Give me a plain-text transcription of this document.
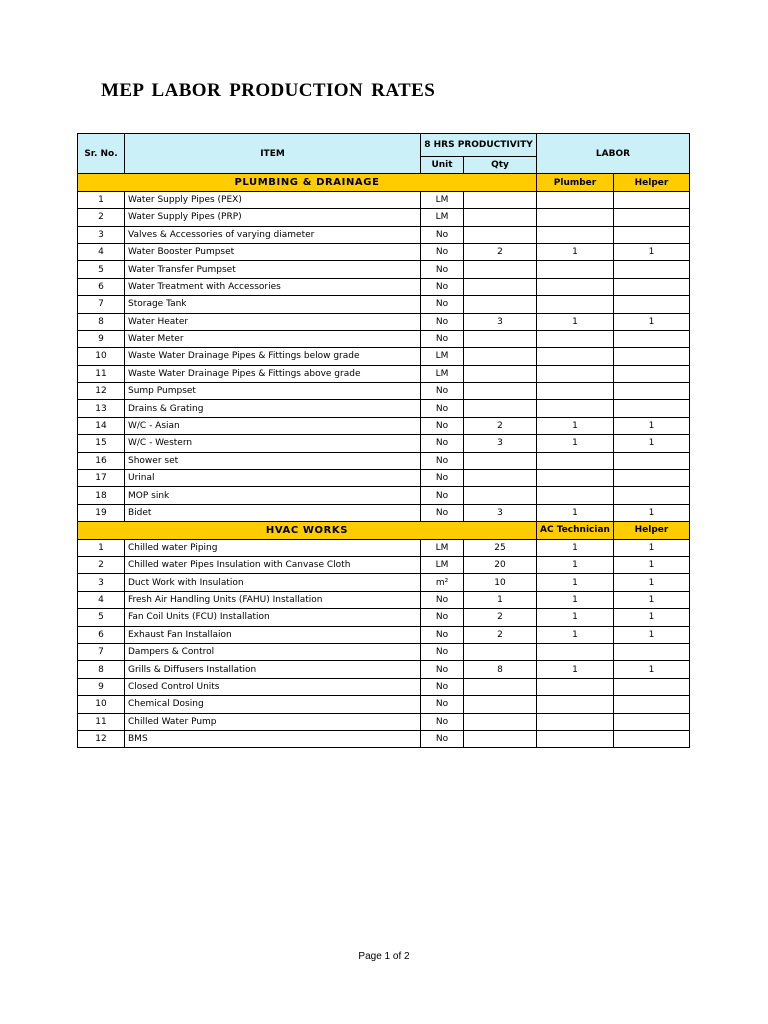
MEP LABOR PRODUCTION RATES
Sr. No.	ITEM	8 HRS PRODUCTIVITY		LABOR	
		Unit	Qty		
PLUMBING & DRAINAGE				Plumber	Helper
1	Water Supply Pipes (PEX)	LM			
2	Water Supply Pipes (PRP)	LM			
3	Valves & Accessories of varying diameter	No			
4	Water Booster Pumpset	No	2	1	1
5	Water Transfer Pumpset	No			
6	Water Treatment with Accessories	No			
7	Storage Tank	No			
8	Water Heater	No	3	1	1
9	Water Meter	No			
10	Waste Water Drainage Pipes & Fittings below grade	LM			
11	Waste Water Drainage Pipes & Fittings above grade	LM			
12	Sump Pumpset	No			
13	Drains & Grating	No			
14	W/C - Asian	No	2	1	1
15	W/C - Western	No	3	1	1
16	Shower set	No			
17	Urinal	No			
18	MOP sink	No			
19	Bidet	No	3	1	1
HVAC WORKS				AC Technician	Helper
1	Chilled water Piping	LM	25	1	1
2	Chilled water Pipes Insulation with Canvase Cloth	LM	20	1	1
3	Duct Work with Insulation	m²	10	1	1
4	Fresh Air Handling Units (FAHU) Installation	No	1	1	1
5	Fan Coil Units (FCU) Installation	No	2	1	1
6	Exhaust Fan Installaion	No	2	1	1
7	Dampers & Control	No			
8	Grills & Diffusers Installation	No	8	1	1
9	Closed Control Units	No			
10	Chemical Dosing	No			
11	Chilled Water Pump	No			
12	BMS	No			
Page 1 of 2
